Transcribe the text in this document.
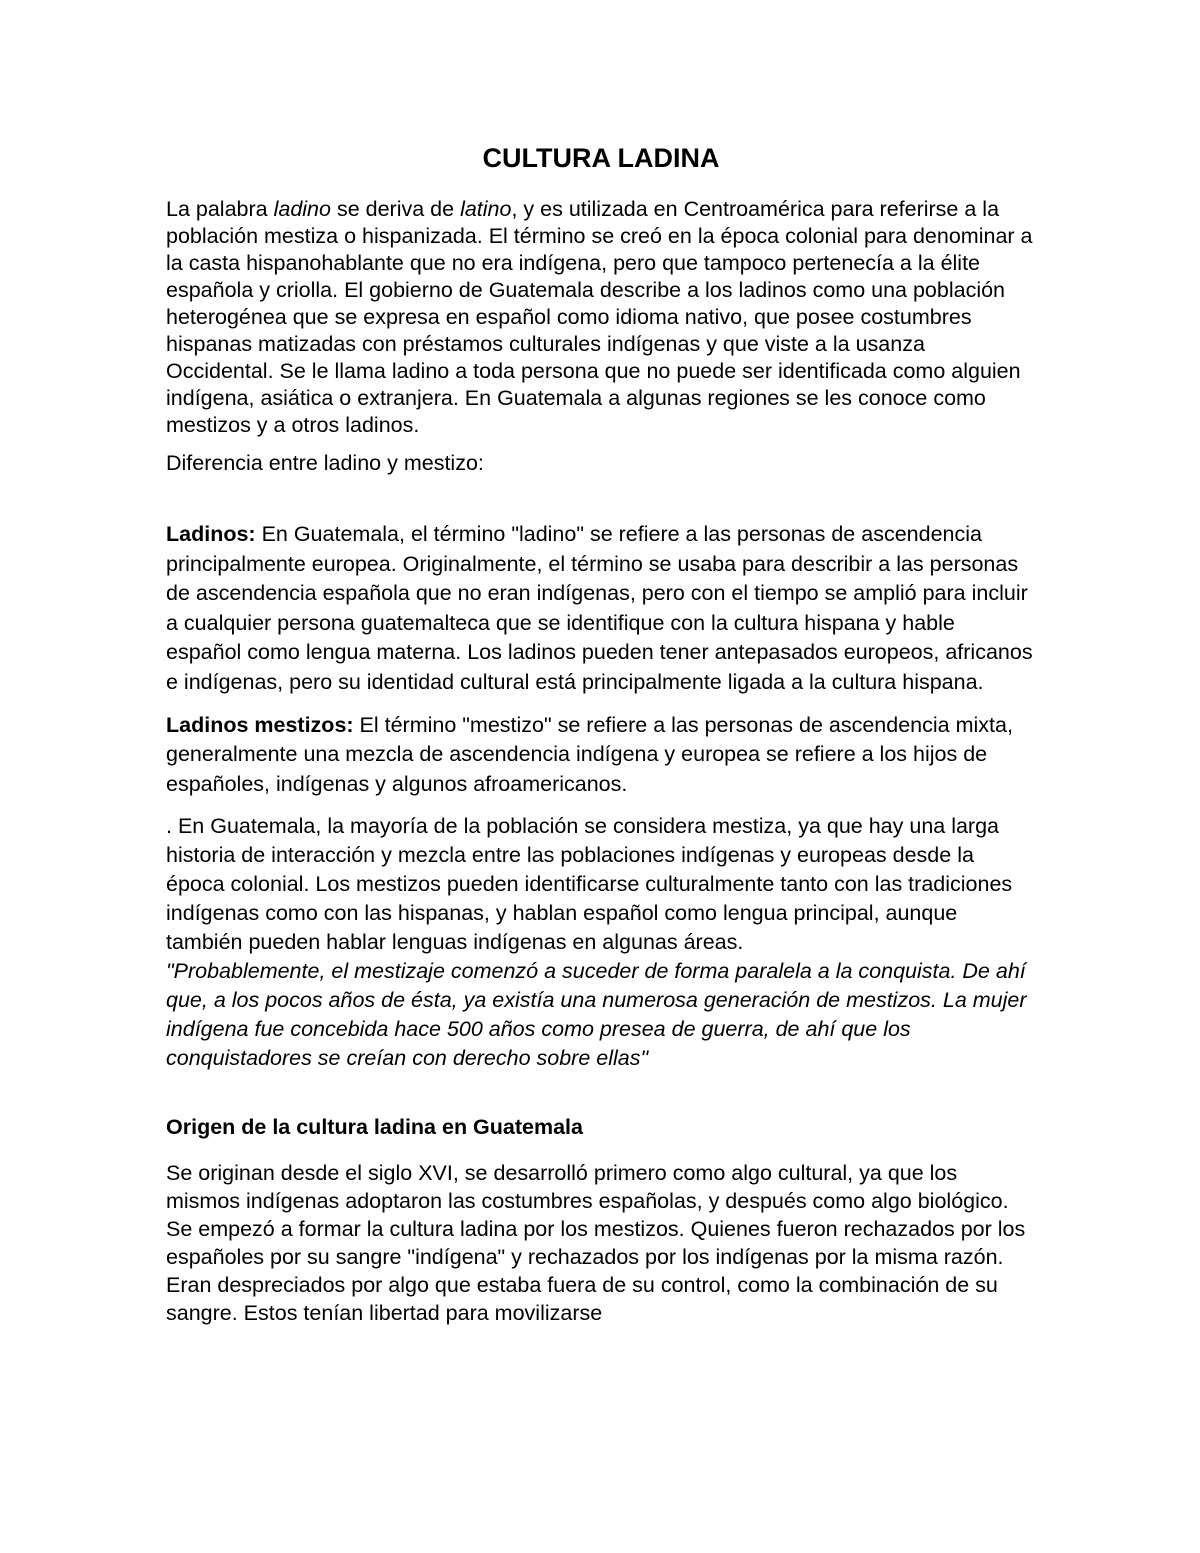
CULTURA LADINA

La palabra ladino se deriva de latino, y es utilizada en Centroamérica para referirse a la población mestiza o hispanizada. El término se creó en la época colonial para denominar a la casta hispanohablante que no era indígena, pero que tampoco pertenecía a la élite española y criolla. El gobierno de Guatemala describe a los ladinos como una población heterogénea que se expresa en español como idioma nativo, que posee costumbres hispanas matizadas con préstamos culturales indígenas y que viste a la usanza Occidental. Se le llama ladino a toda persona que no puede ser identificada como alguien indígena, asiática o extranjera. En Guatemala a algunas regiones se les conoce como mestizos y a otros ladinos.

Diferencia entre ladino y mestizo:

Ladinos: En Guatemala, el término "ladino" se refiere a las personas de ascendencia principalmente europea. Originalmente, el término se usaba para describir a las personas de ascendencia española que no eran indígenas, pero con el tiempo se amplió para incluir a cualquier persona guatemalteca que se identifique con la cultura hispana y hable español como lengua materna. Los ladinos pueden tener antepasados europeos, africanos e indígenas, pero su identidad cultural está principalmente ligada a la cultura hispana.

Ladinos mestizos: El término "mestizo" se refiere a las personas de ascendencia mixta, generalmente una mezcla de ascendencia indígena y europea se refiere a los hijos de españoles, indígenas y algunos afroamericanos.

. En Guatemala, la mayoría de la población se considera mestiza, ya que hay una larga historia de interacción y mezcla entre las poblaciones indígenas y europeas desde la época colonial. Los mestizos pueden identificarse culturalmente tanto con las tradiciones indígenas como con las hispanas, y hablan español como lengua principal, aunque también pueden hablar lenguas indígenas en algunas áreas.

"Probablemente, el mestizaje comenzó a suceder de forma paralela a la conquista. De ahí que, a los pocos años de ésta, ya existía una numerosa generación de mestizos. La mujer indígena fue concebida hace 500 años como presea de guerra, de ahí que los conquistadores se creían con derecho sobre ellas"

Origen de la cultura ladina en Guatemala

Se originan desde el siglo XVI, se desarrolló primero como algo cultural, ya que los mismos indígenas adoptaron las costumbres españolas, y después como algo biológico. Se empezó a formar la cultura ladina por los mestizos. Quienes fueron rechazados por los españoles por su sangre "indígena" y rechazados por los indígenas por la misma razón. Eran despreciados por algo que estaba fuera de su control, como la combinación de su sangre. Estos tenían libertad para movilizarse
